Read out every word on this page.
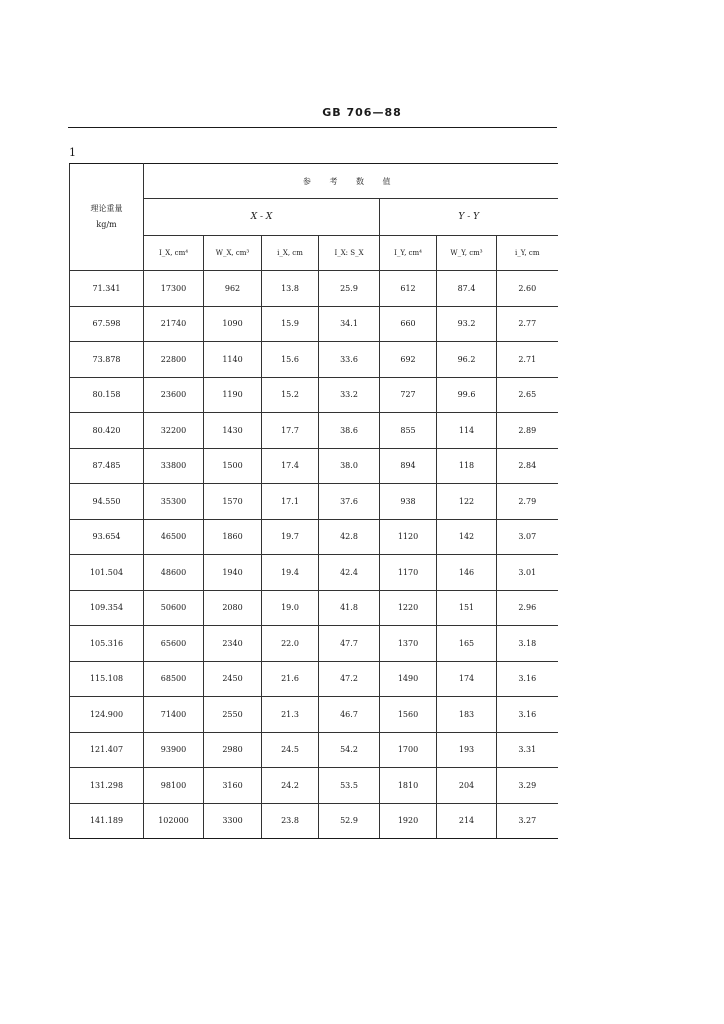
GB 706—88
1
理论重量
kg/m	参 考 数 值						
	X - X				Y - Y		
	I_X, cm⁴	W_X, cm³	i_X, cm	I_X: S_X	I_Y, cm⁴	W_Y, cm³	i_Y, cm
71.341	17300	962	13.8	25.9	612	87.4	2.60
67.598	21740	1090	15.9	34.1	660	93.2	2.77
73.878	22800	1140	15.6	33.6	692	96.2	2.71
80.158	23600	1190	15.2	33.2	727	99.6	2.65
80.420	32200	1430	17.7	38.6	855	114	2.89
87.485	33800	1500	17.4	38.0	894	118	2.84
94.550	35300	1570	17.1	37.6	938	122	2.79
93.654	46500	1860	19.7	42.8	1120	142	3.07
101.504	48600	1940	19.4	42.4	1170	146	3.01
109.354	50600	2080	19.0	41.8	1220	151	2.96
105.316	65600	2340	22.0	47.7	1370	165	3.18
115.108	68500	2450	21.6	47.2	1490	174	3.16
124.900	71400	2550	21.3	46.7	1560	183	3.16
121.407	93900	2980	24.5	54.2	1700	193	3.31
131.298	98100	3160	24.2	53.5	1810	204	3.29
141.189	102000	3300	23.8	52.9	1920	214	3.27
